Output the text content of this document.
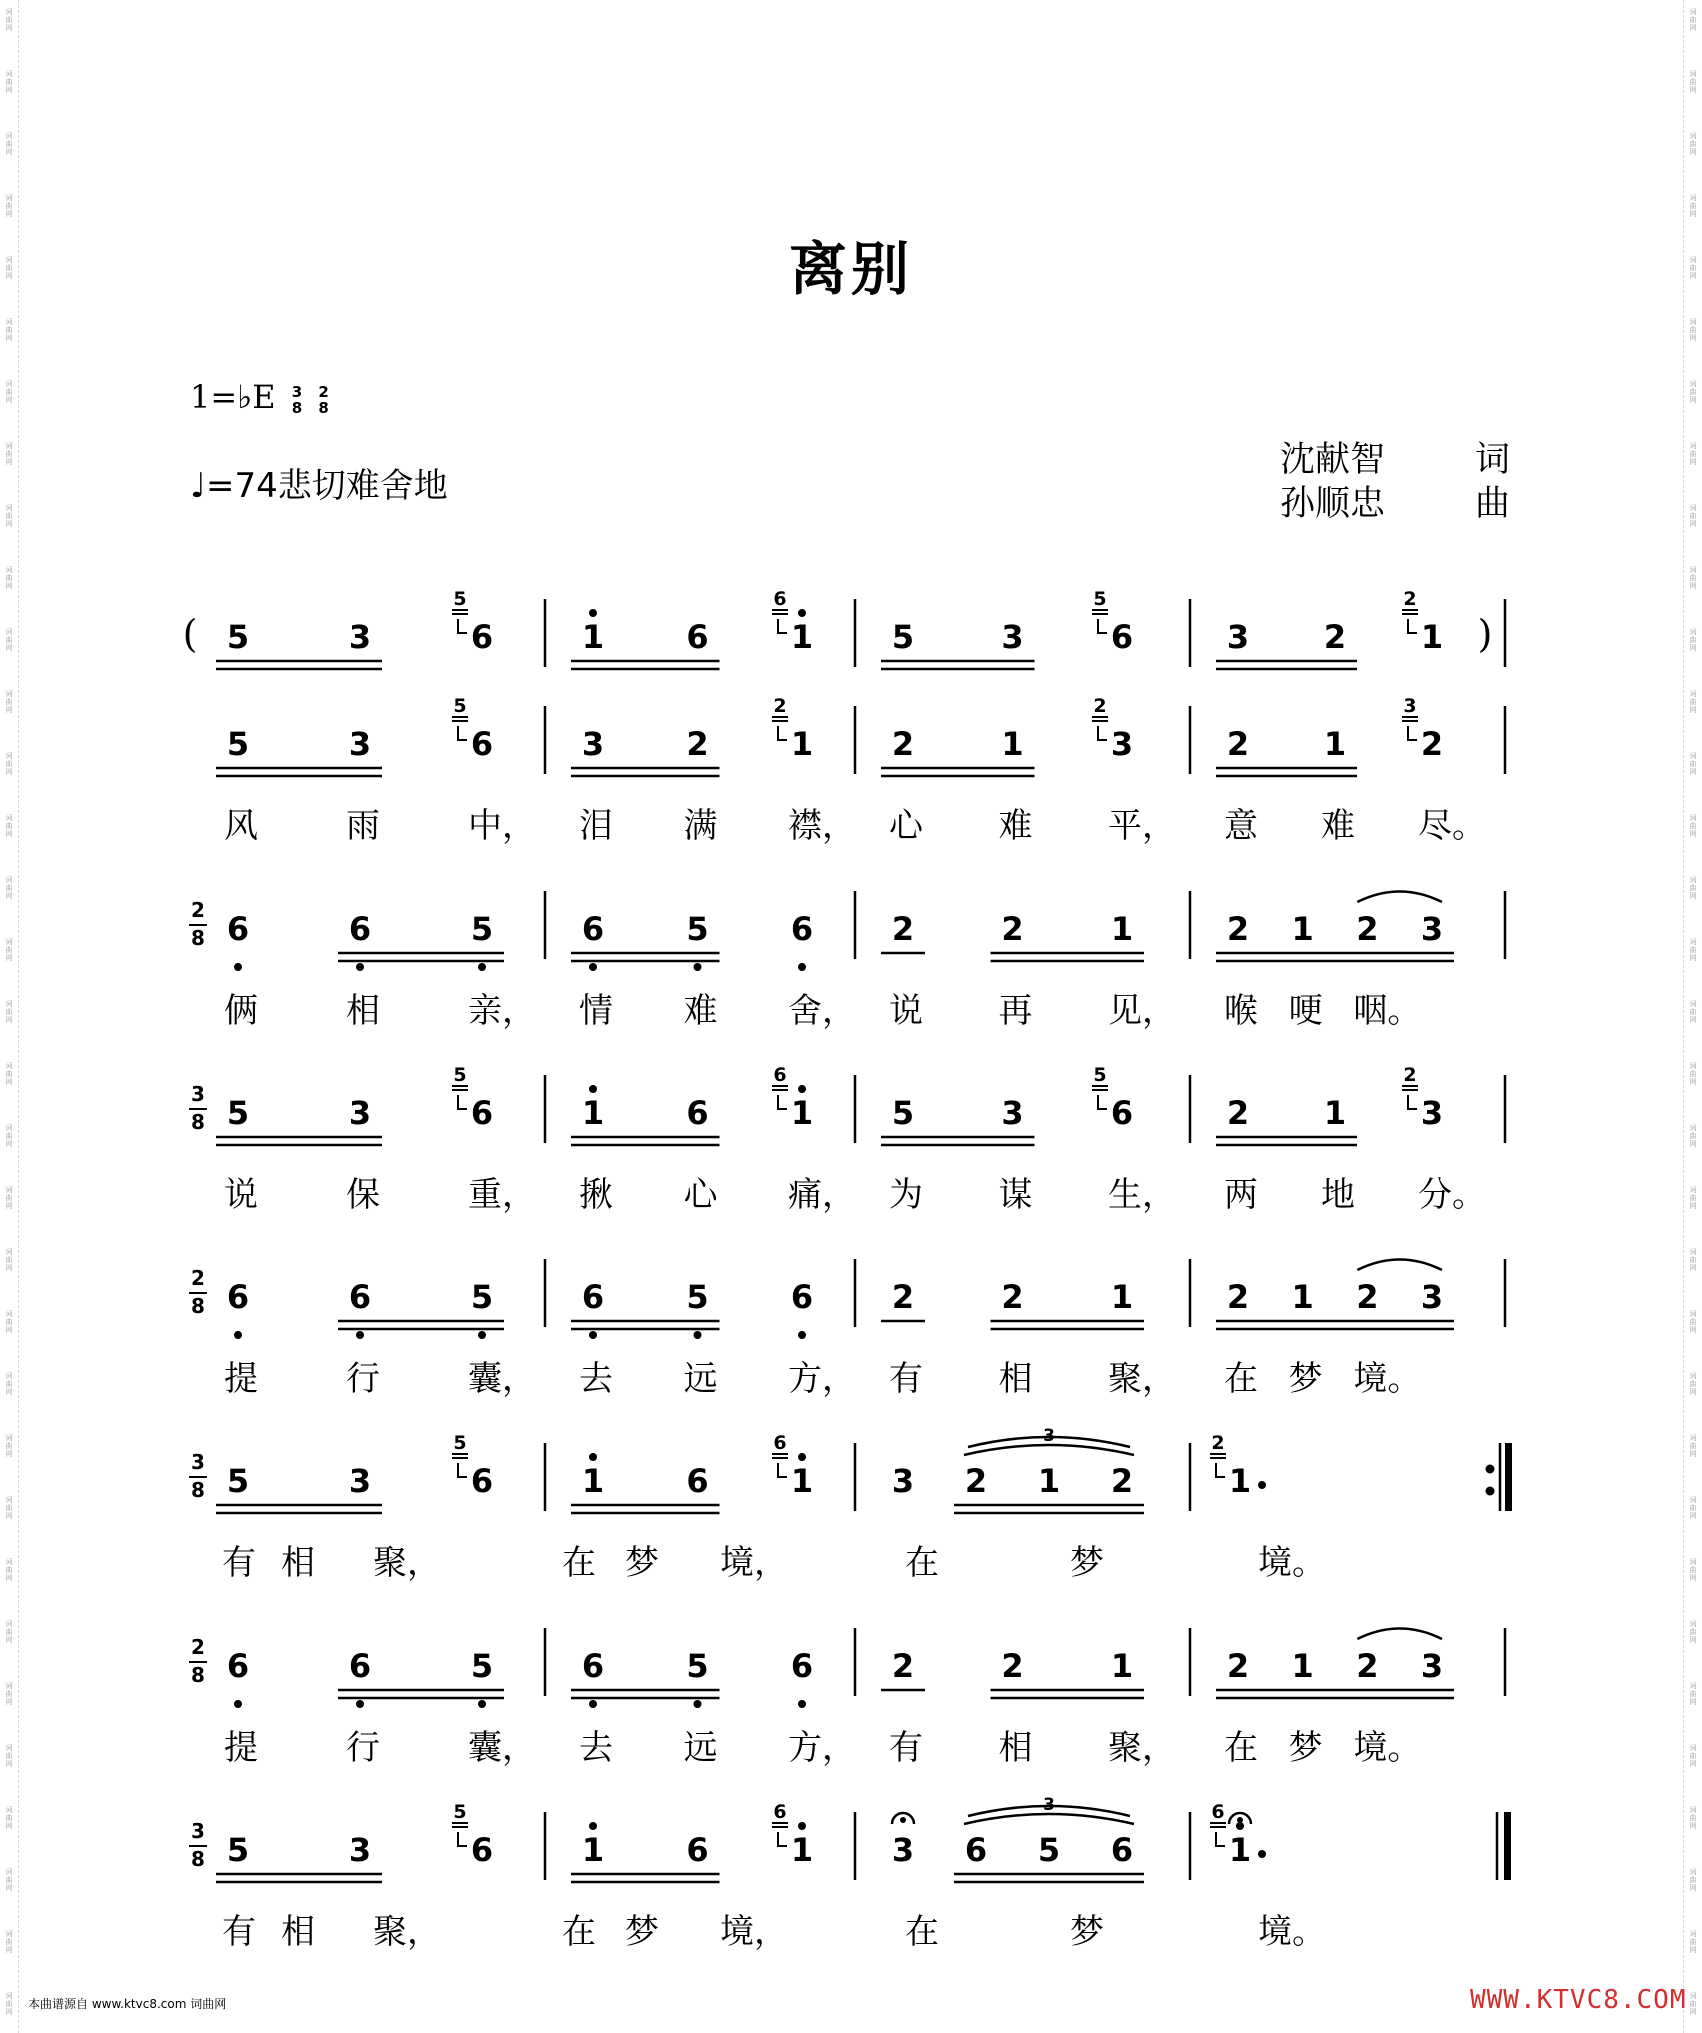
词
曲
网
词
曲
网
词
曲
网
词
曲
网
词
曲
网
词
曲
网
词
曲
网
词
曲
网
词
曲
网
词
曲
网
词
曲
网
词
曲
网
词
曲
网
词
曲
网
词
曲
网
词
曲
网
词
曲
网
词
曲
网
词
曲
网
词
曲
网
词
曲
网
词
曲
网
词
曲
网
词
曲
网
词
曲
网
词
曲
网
词
曲
网
词
曲
网
词
曲
网
词
曲
网
词
曲
网
词
曲
网
词
曲
网
词
曲
网
词
曲
网
词
曲
网
词
曲
网
词
曲
网
词
曲
网
词
曲
网
词
曲
网
词
曲
网
词
曲
网
词
曲
网
词
曲
网
词
曲
网
词
曲
网
词
曲
网
词
曲
网
词
曲
网
词
曲
网
词
曲
网
词
曲
网
词
曲
网
词
曲
网
词
曲
网
词
曲
网
词
曲
网
词
曲
网
词
曲
网
词
曲
网
词
曲
网
词
曲
网
词
曲
网
词
曲
网
词
曲
网
离别
1=♭E 3
8 2
8
♩=74悲切难舍地
沈献智	词
孙顺忠	曲
( 5	3	6
5
1	6	1
6
5	3	6
5
3 2 1
2
)
5	3	6
5
3	2	1
2
2	1	3
2
2 1 2
3
风	雨	中， 泪 满 襟， 心 难 平， 意 难 尽。
2
8 6	6	5	6	5	6 2	2	1	2 1 2 3
俩	相	亲， 情 难 舍， 说 再 见， 喉 哽 咽。
3
8 5	3	6
5
1	6	1
6
5	3	6
5
2 1 3
2
说	保	重， 揪 心 痛， 为 谋 生， 两 地 分。
2
8 6	6	5	6	5	6 2	2	1	2 1 2 3
提	行	囊， 去 远 方， 有 相 聚， 在 梦 境。
3
8 5	3	6
5
1	6	1
6
3 2 1 2
3
1
2
有 相 聚，	在 梦 境，	在	梦	境。
2
8 6	6	5	6	5	6 2	2	1	2 1 2 3
提	行	囊， 去 远 方， 有 相 聚， 在 梦 境。
3
8 5	3	6
5
1	6	1
6
3 6 5 6
3
1
6
有 相 聚，	在 梦 境，	在	梦	境。
本曲谱源自 www.ktvc8.com 词曲网	WWW.KTVC8.COM
